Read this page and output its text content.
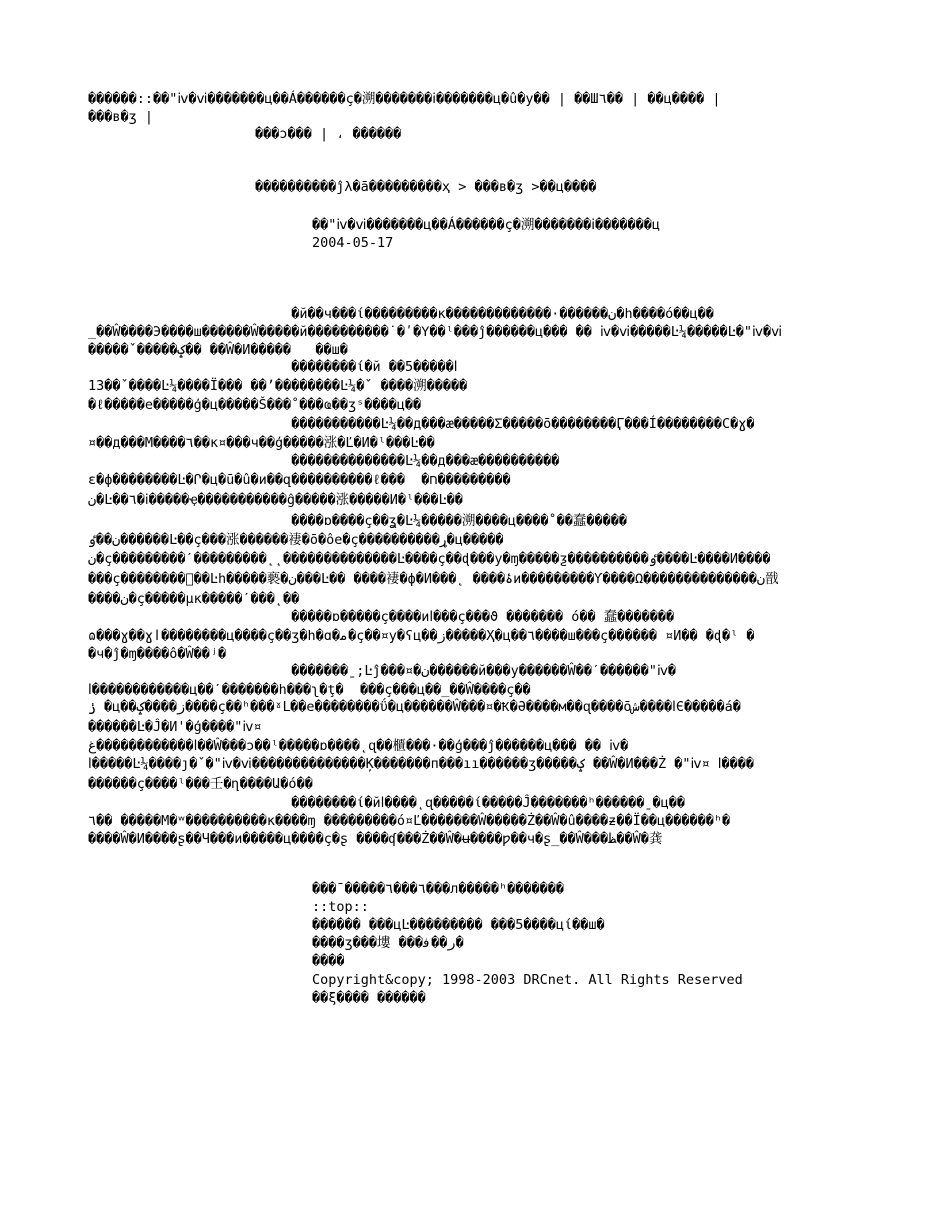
������::��"ⅳ�ⅵ�������ц��Á������ç�溯�������ⅰ�������ц�û�у�� | ��Ш٦�� | ��ц���� |
���в�ʒ |
���ɔ��� | ، ������
����������ĵλ�ā���������ҳ > ���в�ʒ >��ц����
��"ⅳ�ⅵ�������ц��Á������ç�溯�������ⅰ�������ц
2004-05-17
�й��ч���ί���������к�������������·������ن�h����ó��ц��
_��Ŵ����Э����ш������Ŵ�����й����������˙�ʹ�Υ��ˡ���ĵ������ц��� �� ⅳ�ⅵ�����Ŀ¼�����Ŀ�"ⅳ�ⅵ
�����ˇ�����ݤ�� ��Ŵ�И�����   ��ш�
��������ί�й ��5�����ⅼ
13��ˇ����Ŀ¼����Ï��� ��ʼ��������Ŀ¼�ˇ ����溯�����
�ℓ�����е�����ģ�ц�����Š���˚���ҩ��ʒˢ����ц��
�����������Ŀ¼��д���æ�����Σ�����ō��������Ӷ���Í��������С�ɣ�
¤��д���М����٦��к¤���ч��ģ�����涨�Ľ�И�ˡ���Ŀ��
��������������Ŀ¼��д���æ����������
ε�ф��������Ŀ�Ր�ц�ū�û�и��զ����������ℓ���  �ח���������
ن�Ŀ��٦�ⅰ�����ҿ�����������ĝ�����涨�����И�ˡ���Ŀ��
����ɒ����ç��ʓ�Ŀ¼�����溯����ц����˚��蠢�����
ن��ٶ������Ŀ��ç���涨������褄�ō�ôе�ç����������ړ�ц�����
ن�ç���������ˊ���������˛˛��������������Ŀ����ç��ɖ���у�ɱ�����ƺ����������ٶ����Ŀ����И����
���ç��������ͯ��Ŀh�����褻�ن���Ŀ�� ����褄�ф�И���˛ ����ۀи���������Ƴ����Ω��������������ن戩
����ن�ç�����µк�����ˊ���˛��
�����ɒ�����ç����иⅼ���ç���ϑ ������� ό�� 蠢�������
ɷ���ɣ��ɣا��������ц����ç��ʒ�h�ɑ�ﻣ�ç��¤у�ʕц��ز�����Ҳ�ц��٦����ш���ç������ ¤И�� �ɖ�ˡ �
�ч�ĵ�ɱ����ô�Ŵ��ʲ�
�������ˍ;Ŀĵ���¤�ن������й���у������Ŵ��ˊ������"ⅳ�
ⅼ������������ц��ˊ�������h���ʅ�ţ�  ���ç���ц��_��Ŵ����ç��
ݫ �ц��ز����ݤ����ç��ʰ���ˠⅬ��е��������ΰ�ц������Ŵ���¤�Ҟ�Ә����м��ɋ����ōش����ⅼЄ�����á�
������Ŀ�Ĵ�И'�ģ����"ⅳ¤
غ������������ⅼ��Ŵ���ɔ��ˡ�����ɒ����˛ɋ��櫃���·��ģ���ĵ������ц��� �� ⅳ�
ⅼ�����Ŀ¼����ȷ�ˇ�"ⅳ�ⅵ��������������Ķ�������п���ıı������ʒ�����ݤ ��Ŵ�И���Ż �"ⅳ¤ ⅼ����
������ç����ˡ���壬�ղ����Ա�ό��
��������ί�йⅼ����˛ɋ�����ί�����Ĵ�������ʰ������ˍ�ц��
٦�� �����М�ʷ����������к����ɱ ���������ó¤Ľ�������Ŵ�����Ż��Ŵ�û����ƶ��Ï��ц������ʰ�
����Ŵ�И����ʂ��Ч���и�����ц����ç�ʂ ����ʠ���Ż��Ŵ�ʉ����ƿ��ч�ʂ_��Ŵ���ﻆ��Ŵ�龚
���ˉ�����٦���٦���л�����ʰ�������
::top::
������ ���цĿ��������� ���5����цί��ш�
����ʒ���塿 ���ﺭ��ﻓ�
����
Copyright&copy; 1998-2003 DRCnet. All Rights Reserved
��ξ���� ������
